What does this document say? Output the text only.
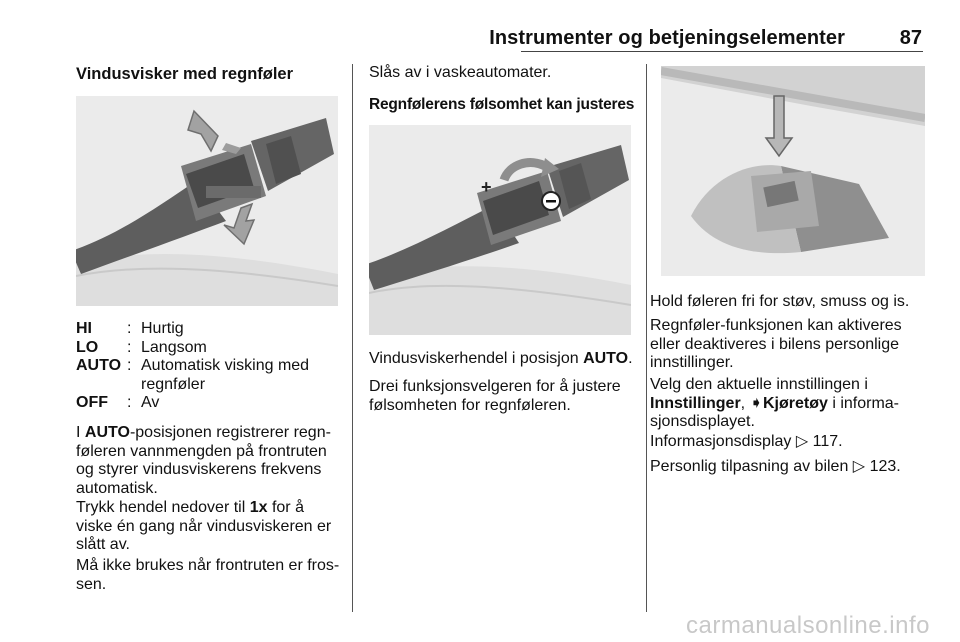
Instrumenter og betjeningselementer	87
Vindusvisker med regnføler
HI	: Hurtig
LO	: Langsom
AUTO : Automatisk visking med regnføler
OFF	: Av

I AUTO-posisjonen registrerer regn-føleren vannmengden på frontruten og styrer vindusviskerens frekvens automatisk.

Trykk hendel nedover til 1x for å viske én gang når vindusviskeren er slått av.

Må ikke brukes når frontruten er fros-sen.

Slås av i vaskeautomater.

Regnfølerens følsomhet kan justeres
+

Vindusviskerhendel i posisjon AUTO.

Drei funksjonsvelgeren for å justere følsomheten for regnføleren.

Hold føleren fri for støv, smuss og is.

Regnføler-funksjonen kan aktiveres eller deaktiveres i bilens personlige innstillinger.

Velg den aktuelle innstillingen i Innstillinger, ➧Kjøretøy i informa-sjonsdisplayet.

Informasjonsdisplay ▷ 117.

Personlig tilpasning av bilen ▷ 123.

carmanualsonline.info
